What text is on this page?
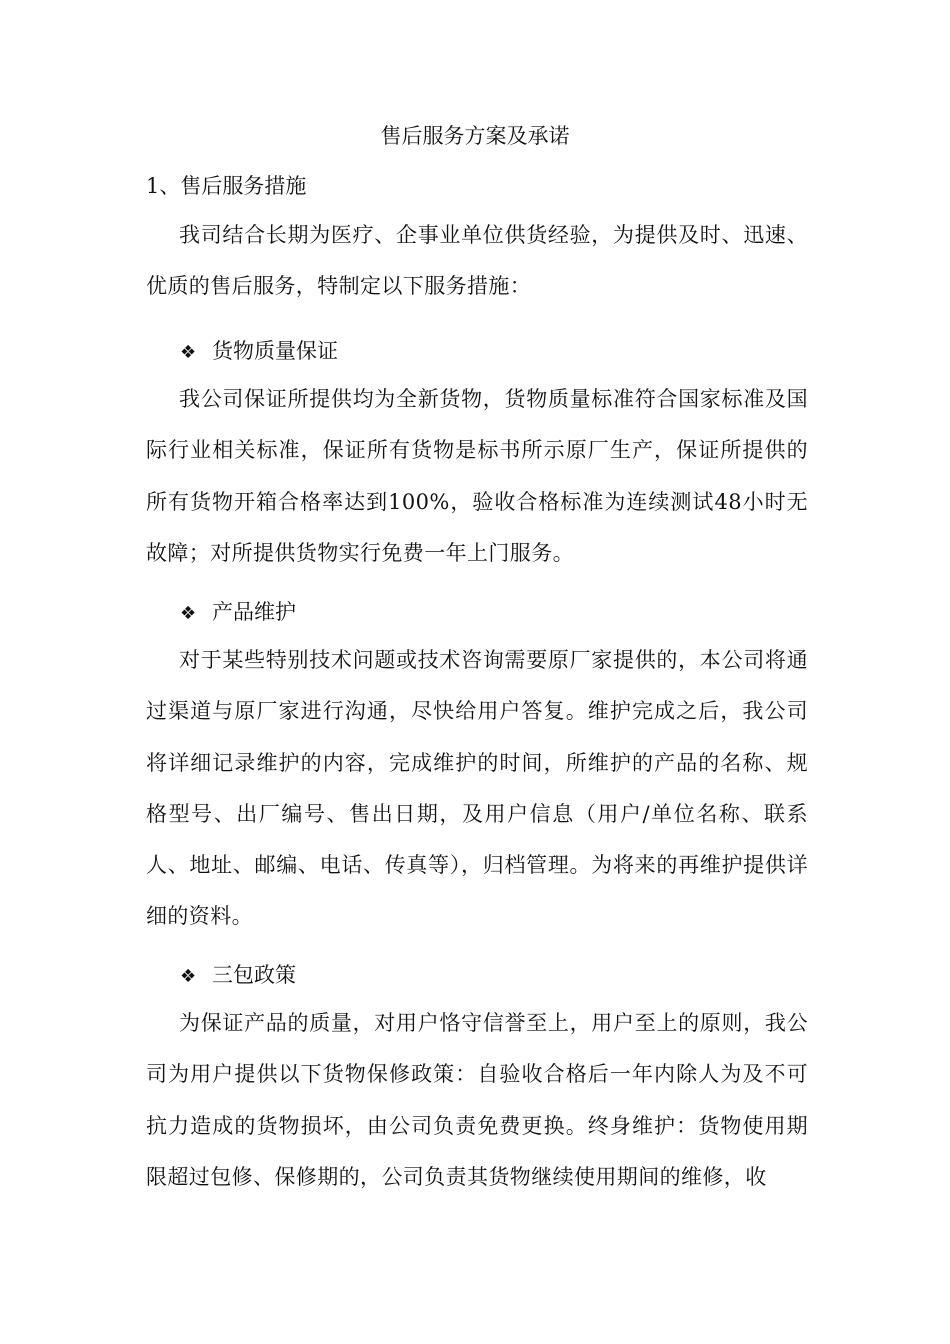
售后服务方案及承诺
1、售后服务措施

我司结合长期为医疗、企事业单位供货经验，为提供及时、迅速、优质的售后服务，特制定以下服务措施：

❖ 货物质量保证

我公司保证所提供均为全新货物，货物质量标准符合国家标准及国际行业相关标准，保证所有货物是标书所示原厂生产，保证所提供的所有货物开箱合格率达到100%，验收合格标准为连续测试48小时无故障；对所提供货物实行免费一年上门服务。

❖ 产品维护

对于某些特别技术问题或技术咨询需要原厂家提供的，本公司将通过渠道与原厂家进行沟通，尽快给用户答复。维护完成之后，我公司将详细记录维护的内容，完成维护的时间，所维护的产品的名称、规格型号、出厂编号、售出日期，及用户信息（用户/单位名称、联系人、地址、邮编、电话、传真等），归档管理。为将来的再维护提供详细的资料。

❖ 三包政策

为保证产品的质量，对用户恪守信誉至上，用户至上的原则，我公司为用户提供以下货物保修政策：自验收合格后一年内除人为及不可抗力造成的货物损坏，由公司负责免费更换。终身维护：货物使用期限超过包修、保修期的，公司负责其货物继续使用期间的维修，收
